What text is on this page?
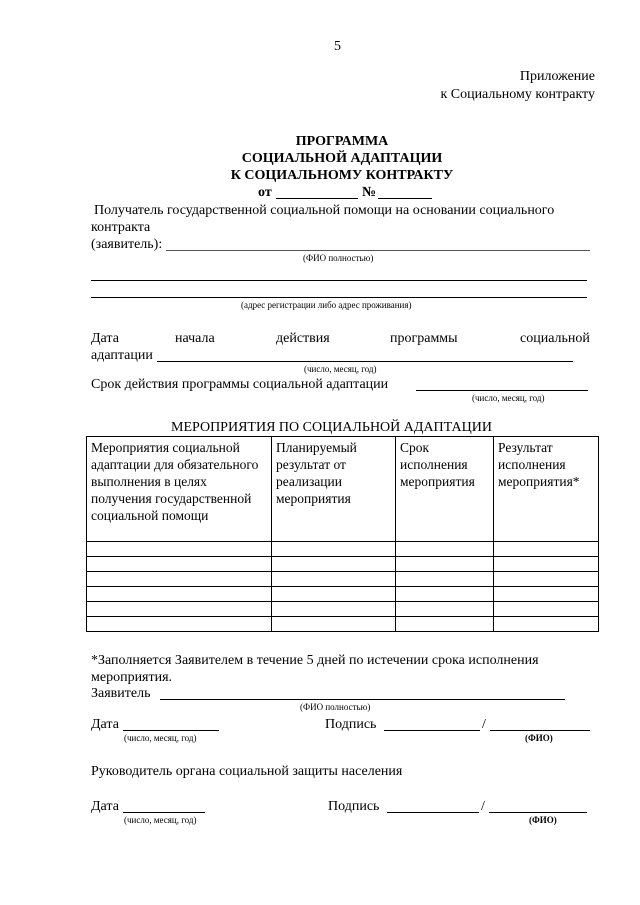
5
Приложение
к Социальному контракту
ПРОГРАММА
СОЦИАЛЬНОЙ АДАПТАЦИИ
К СОЦИАЛЬНОМУ КОНТРАКТУ
от	№
Получатель государственной социальной помощи на основании социального
контракта
(заявитель):
(ФИО полностью)
(адрес регистрации либо адрес проживания)
Дата	начала	действия	программы	социальной
адаптации
(число, месяц, год)
Срок действия программы социальной адаптации
(число, месяц, год)
МЕРОПРИЯТИЯ ПО СОЦИАЛЬНОЙ АДАПТАЦИИ
Мероприятия социальной адаптации для обязательного выполнения в целях получения государственной социальной помощи	Планируемый результат от реализации мероприятия	Срок исполнения мероприятия	Результат исполнения мероприятия*

*Заполняется Заявителем в течение 5 дней по истечении срока исполнения
мероприятия.
Заявитель
(ФИО полностью)
Дата
(число, месяц, год)
Подпись	/
(ФИО)
Руководитель органа социальной защиты населения
Дата
(число, месяц, год)
Подпись	/
(ФИО)
